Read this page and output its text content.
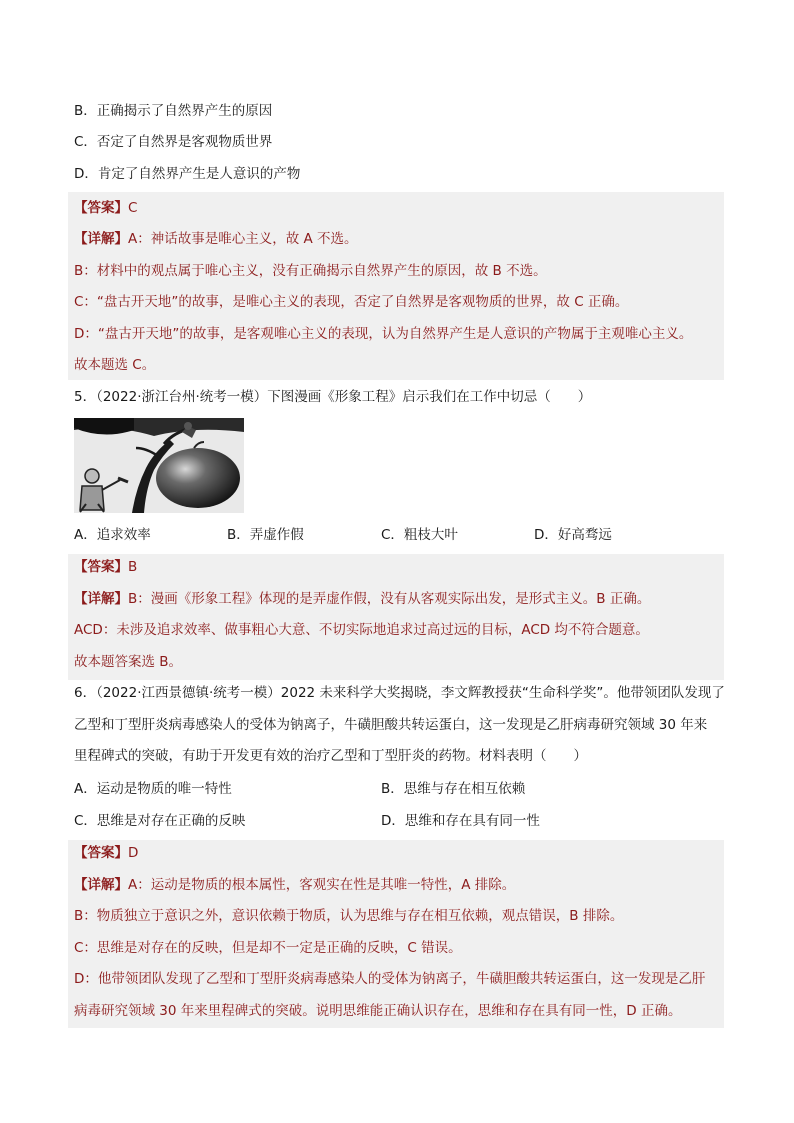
B．正确揭示了自然界产生的原因
C．否定了自然界是客观物质世界
D．肯定了自然界产生是人意识的产物
【答案】C
【详解】A：神话故事是唯心主义，故 A 不选。
B：材料中的观点属于唯心主义，没有正确揭示自然界产生的原因，故 B 不选。
C：“盘古开天地”的故事，是唯心主义的表现，否定了自然界是客观物质的世界，故 C 正确。
D：“盘古开天地”的故事，是客观唯心主义的表现，认为自然界产生是人意识的产物属于主观唯心主义。
故本题选 C。
5．（2022·浙江台州·统考一模）下图漫画《形象工程》启示我们在工作中切忌（　　）
A．追求效率	B．弄虚作假	C．粗枝大叶	D．好高骛远
【答案】B
【详解】B：漫画《形象工程》体现的是弄虚作假，没有从客观实际出发，是形式主义。B 正确。
ACD：未涉及追求效率、做事粗心大意、不切实际地追求过高过远的目标，ACD 均不符合题意。
故本题答案选 B。
6．（2022·江西景德镇·统考一模）2022 未来科学大奖揭晓，李文辉教授获“生命科学奖”。他带领团队发现了
乙型和丁型肝炎病毒感染人的受体为钠离子，牛磺胆酸共转运蛋白，这一发现是乙肝病毒研究领域 30 年来
里程碑式的突破，有助于开发更有效的治疗乙型和丁型肝炎的药物。材料表明（　　）
A．运动是物质的唯一特性	B．思维与存在相互依赖
C．思维是对存在正确的反映	D．思维和存在具有同一性
【答案】D
【详解】A：运动是物质的根本属性，客观实在性是其唯一特性，A 排除。
B：物质独立于意识之外，意识依赖于物质，认为思维与存在相互依赖，观点错误，B 排除。
C：思维是对存在的反映，但是却不一定是正确的反映，C 错误。
D：他带领团队发现了乙型和丁型肝炎病毒感染人的受体为钠离子，牛磺胆酸共转运蛋白，这一发现是乙肝
病毒研究领域 30 年来里程碑式的突破。说明思维能正确认识存在，思维和存在具有同一性，D 正确。
